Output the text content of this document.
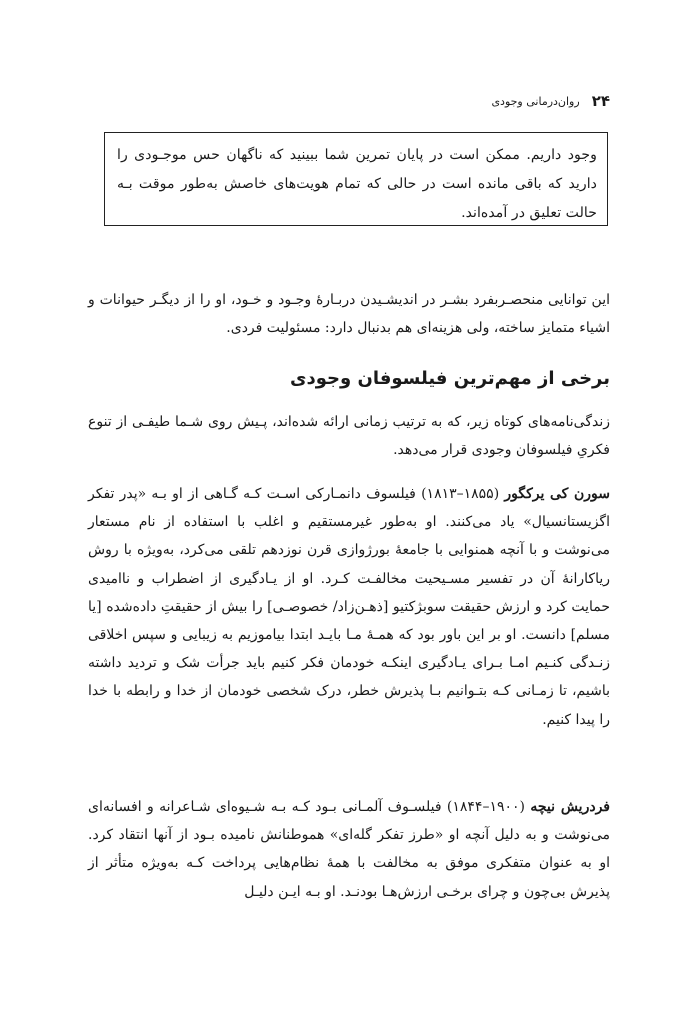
۲۴
روان‌درمانی وجودی
وجود داریم. ممکن است در پایان تمرین شما ببینید که ناگهان حس موجـودی را دارید که باقی مانده است در حالی که تمام هویت‌های خاصش به‌طور موقت بـه حالت تعلیق در آمده‌اند.

این توانایی منحصـربفرد بشـر در اندیشـیدن دربـارهٔ وجـود و خـود، او را از دیگـر حیوانات و اشیاء متمایز ساخته، ولی هزینه‌ای هم بدنبال دارد: مسئولیت فردی.

برخی از مهم‌ترین فیلسوفان وجودی

زندگی‌نامه‌های کوتاه زیر، که به ترتیب زمانی ارائه شده‌اند، پـیش روی شـما طیفـی از تنوع فکریِ فیلسوفان وجودی قرار می‌دهد.

سورن کی یرکگور (۱۸۵۵–۱۸۱۳) فیلسوف دانمـارکی اسـت کـه گـاهی از او بـه «پدر تفکر اگزیستانسیال» یاد می‌کنند. او به‌طور غیرمستقیم و اغلب با استفاده از نام مستعار می‌نوشت و با آنچه همنوایی با جامعهٔ بورژوازی قرن نوزدهم تلقی می‌کرد، به‌ویژه با روش ریاکارانهٔ آن در تفسیر مسـیحیت مخالفـت کـرد. او از یـادگیری از اضطراب و ناامیدی حمایت کرد و ارزش حقیقت سوبژکتیو [ذهـن‌زاد/ خصوصـی] را بیش از حقیقتِ داده‌شده [یا مسلم] دانست. او بر این باور بود که همـهٔ مـا بایـد ابتدا بیاموزیم به زیبایی و سپس اخلاقی زنـدگی کنـیم امـا بـرای یـادگیری اینکـه خودمان فکر کنیم باید جرأت شک و تردید داشته باشیم، تا زمـانی کـه بتـوانیم بـا پذیرش خطر، درک شخصی خودمان از خدا و رابطه با خدا را پیدا کنیم.

فردریش نیچه (۱۹۰۰–۱۸۴۴) فیلسـوف آلمـانی بـود کـه بـه شـیوه‌ای شـاعرانه و افسانه‌ای می‌نوشت و به دلیل آنچه او «طرز تفکر گله‌ای» هموطنانش نامیده بـود از آنها انتقاد کرد. او به عنوان متفکری موفق به مخالفت با همهٔ نظام‌هایی پرداخت کـه به‌ویژه متأثر از پذیرش بی‌چون و چرای برخـی ارزش‌هـا بودنـد. او بـه ایـن دلیـل
